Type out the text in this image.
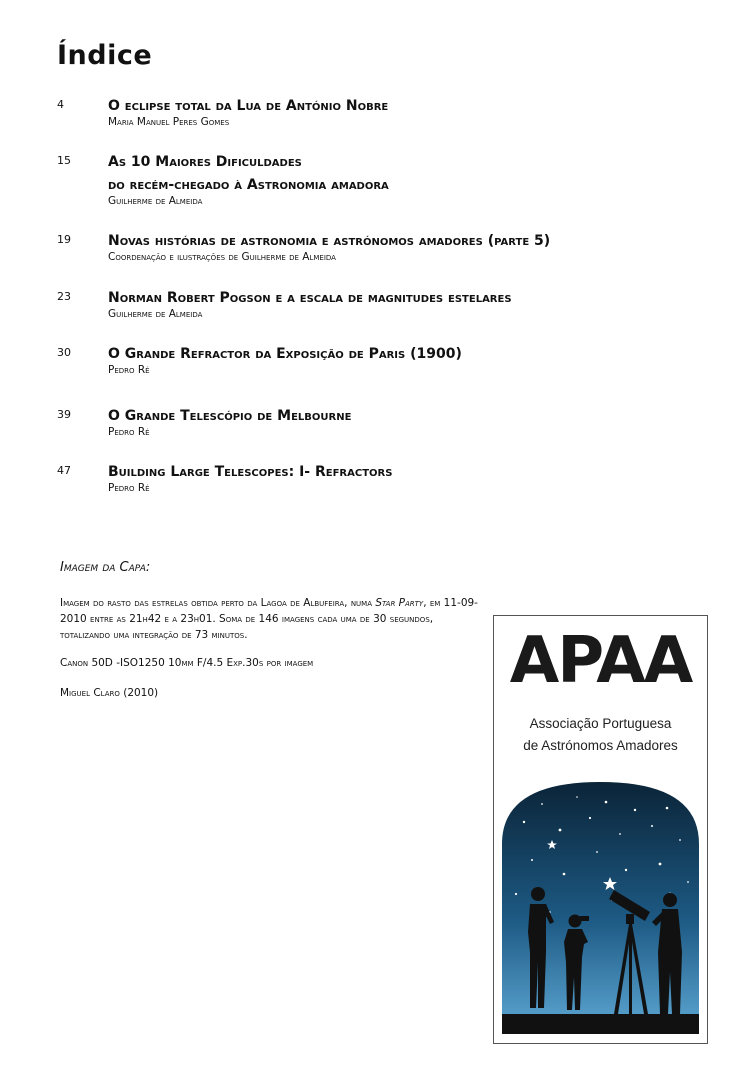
Índice
4	O eclipse total da Lua de António Nobre
Maria Manuel Peres Gomes
15	As 10 Maiores Dificuldades
do recém-chegado à Astronomia amadora
Guilherme de Almeida
19	Novas histórias de astronomia e astrónomos amadores (parte 5)
Coordenação e ilustrações de Guilherme de Almeida
23	Norman Robert Pogson e a escala de magnitudes estelares
Guilherme de Almeida
30	O Grande Refractor da Exposição de Paris (1900)
Pedro Ré
39	O Grande Telescópio de Melbourne
Pedro Ré
47	Building Large Telescopes: I- Refractors
Pedro Ré
Imagem da Capa:
Imagem do rasto das estrelas obtida perto da Lagoa de Albufeira, numa Star Party, em 11-09-2010 entre as 21h42 e a 23h01. Soma de 146 imagens cada uma de 30 segundos, totalizando uma integração de 73 minutos.
Canon 50D -ISO1250 10mm F/4.5 Exp.30s por imagem
Miguel Claro (2010)	APAA
Associação Portuguesa
de Astrónomos Amadores
